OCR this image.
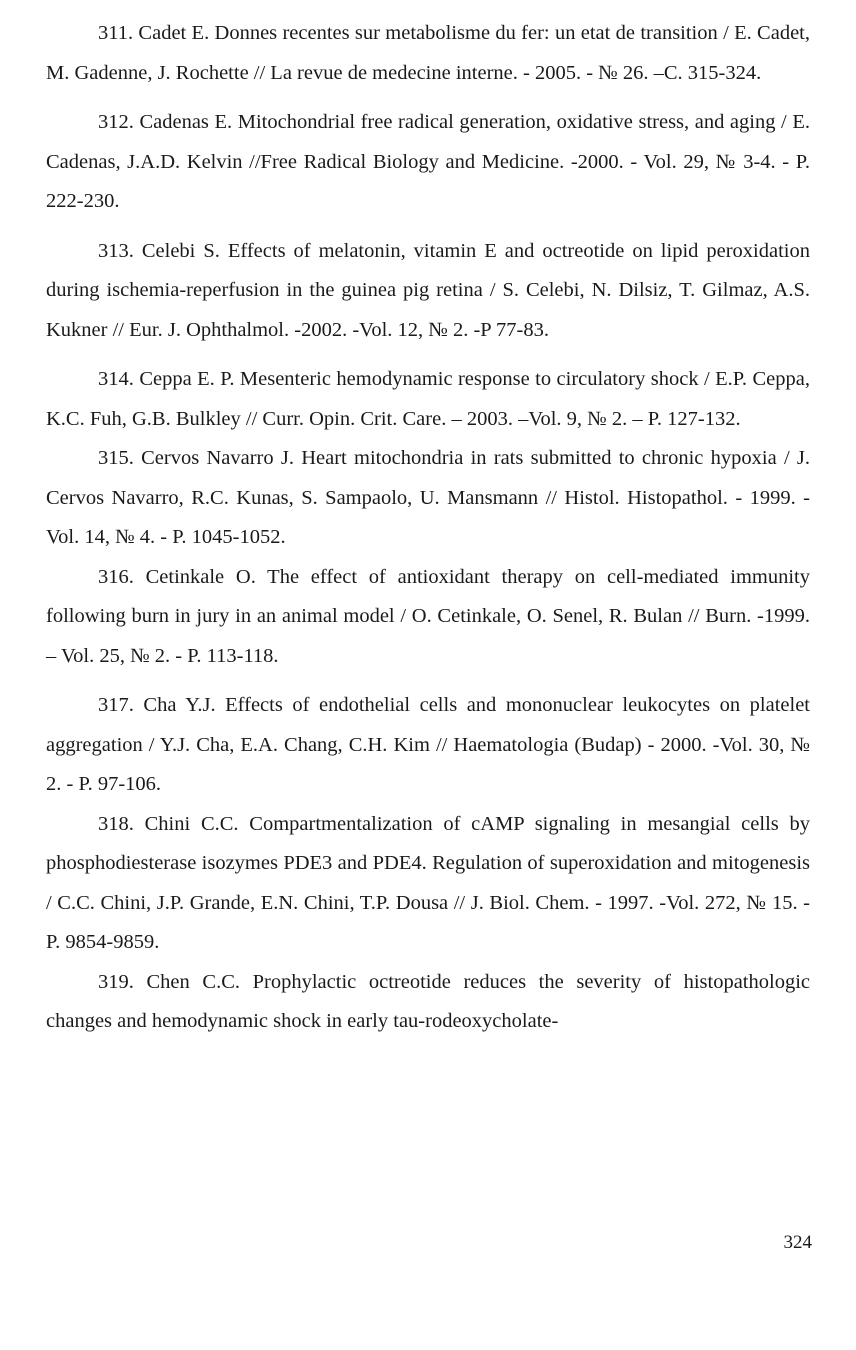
311. Cadet E. Donnes recentes sur metabolisme du fer: un etat de transition / E. Cadet, M. Gadenne, J. Rochette // La revue de medecine interne. - 2005. - № 26. –C. 315-324.

312. Cadenas E. Mitochondrial free radical generation, oxidative stress, and aging / E. Cadenas, J.A.D. Kelvin //Free Radical Biology and Medicine. -2000. - Vol. 29, № 3-4. - P. 222-230.

313. Celebi S. Effects of melatonin, vitamin E and octreotide on lipid peroxidation during ischemia-reperfusion in the guinea pig retina / S. Celebi, N. Dilsiz, T. Gilmaz, A.S. Kukner // Eur. J. Ophthalmol. -2002. -Vol. 12, № 2. -P 77-83.

314. Ceppa E. P. Mesenteric hemodynamic response to circulatory shock / E.P. Ceppa, K.C. Fuh, G.B. Bulkley // Curr. Opin. Crit. Care. – 2003. –Vol. 9, № 2. – P. 127-132.

315. Cervos Navarro J. Heart mitochondria in rats submitted to chronic hypoxia / J. Cervos Navarro, R.C. Kunas, S. Sampaolo, U. Mansmann // Histol. Histopathol. - 1999. - Vol. 14, № 4. - P. 1045-1052.

316. Cetinkale O. The effect of antioxidant therapy on cell-mediated immunity following burn in jury in an animal model / O. Cetinkale, O. Senel, R. Bulan // Burn. -1999. – Vol. 25, № 2. - P. 113-118.

317. Cha Y.J. Effects of endothelial cells and mononuclear leukocytes on platelet aggregation / Y.J. Cha, E.A. Chang, C.H. Kim // Haematologia (Budap) - 2000. -Vol. 30, № 2. - P. 97-106.

318. Chini C.C. Compartmentalization of cAMP signaling in mesangial cells by phosphodiesterase isozymes PDE3 and PDE4. Regulation of superoxidation and mitogenesis / C.C. Chini, J.P. Grande, E.N. Chini, T.P. Dousa // J. Biol. Chem. - 1997. -Vol. 272, № 15. - P. 9854-9859.

319. Chen C.C. Prophylactic octreotide reduces the severity of histopathologic changes and hemodynamic shock in early tau-rodeoxycholate-

324
